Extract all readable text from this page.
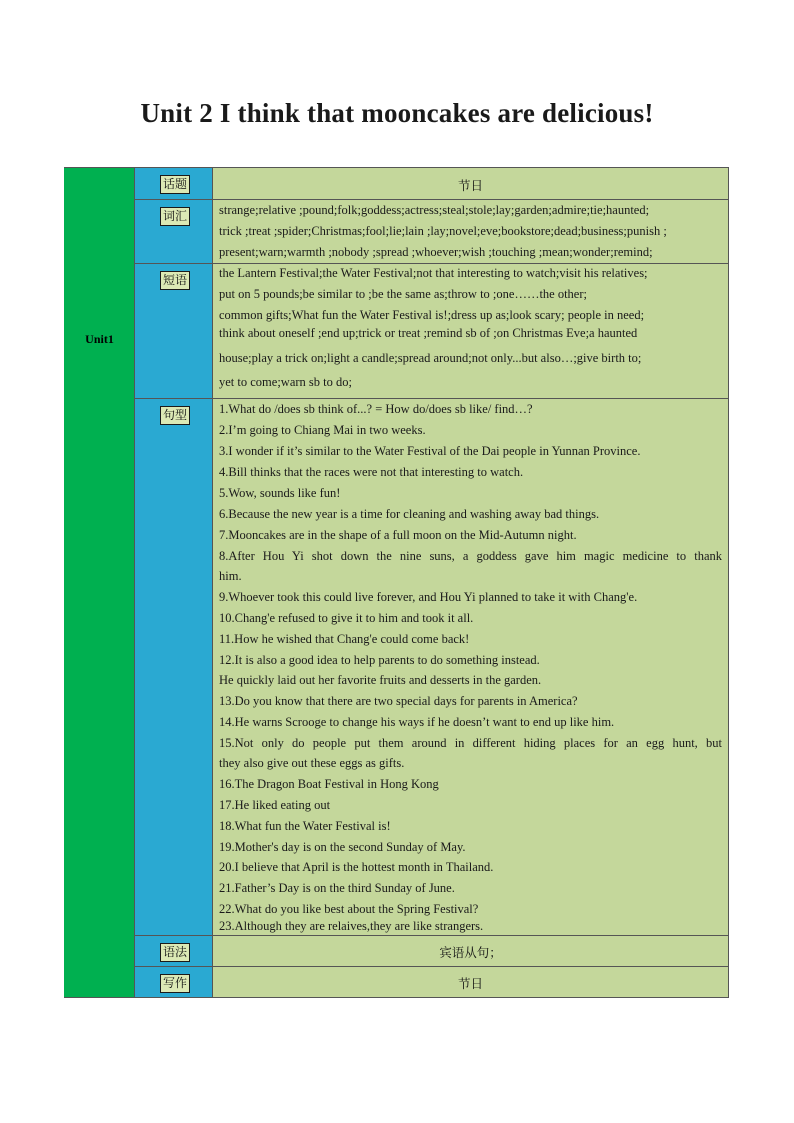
Unit 2 I think that mooncakes are delicious!
Unit1
话题	节日
词汇	strange;relative ;pound;folk;goddess;actress;steal;stole;lay;garden;admire;tie;haunted;
trick ;treat ;spider;Christmas;fool;lie;lain ;lay;novel;eve;bookstore;dead;business;punish ;
present;warn;warmth ;nobody ;spread ;whoever;wish ;touching ;mean;wonder;remind;
短语	the Lantern Festival;the Water Festival;not that interesting to watch;visit his relatives;
put on 5 pounds;be similar to ;be the same as;throw to ;one……the other;
common gifts;What fun the Water Festival is!;dress up as;look scary; people in need;
think about oneself ;end up;trick or treat ;remind sb of ;on Christmas Eve;a haunted
house;play a trick on;light a candle;spread around;not only...but also…;give birth to;
yet to come;warn sb to do;
句型	1.What do /does sb think of...? = How do/does sb like/ find…?
2.I’m going to Chiang Mai in two weeks.
3.I wonder if it’s similar to the Water Festival of the Dai people in Yunnan Province.
4.Bill thinks that the races were not that interesting to watch.
5.Wow, sounds like fun!
6.Because the new year is a time for cleaning and washing away bad things.
7.Mooncakes are in the shape of a full moon on the Mid-Autumn night.
8.After Hou Yi shot down the nine suns, a goddess gave him magic medicine to thank
him.
9.Whoever took this could live forever, and Hou Yi planned to take it with Chang'e.
10.Chang'e refused to give it to him and took it all.
11.How he wished that Chang'e could come back!
12.It is also a good idea to help parents to do something instead.
He quickly laid out her favorite fruits and desserts in the garden.
13.Do you know that there are two special days for parents in America?
14.He warns Scrooge to change his ways if he doesn’t want to end up like him.
15.Not only do people put them around in different hiding places for an egg hunt, but
they also give out these eggs as gifts.
16.The Dragon Boat Festival in Hong Kong
17.He liked eating out
18.What fun the Water Festival is!
19.Mother's day is on the second Sunday of May.
20.I believe that April is the hottest month in Thailand.
21.Father’s Day is on the third Sunday of June.
22.What do you like best about the Spring Festival?
23.Although they are relaives,they are like strangers.
语法	宾语从句；
写作	节日
